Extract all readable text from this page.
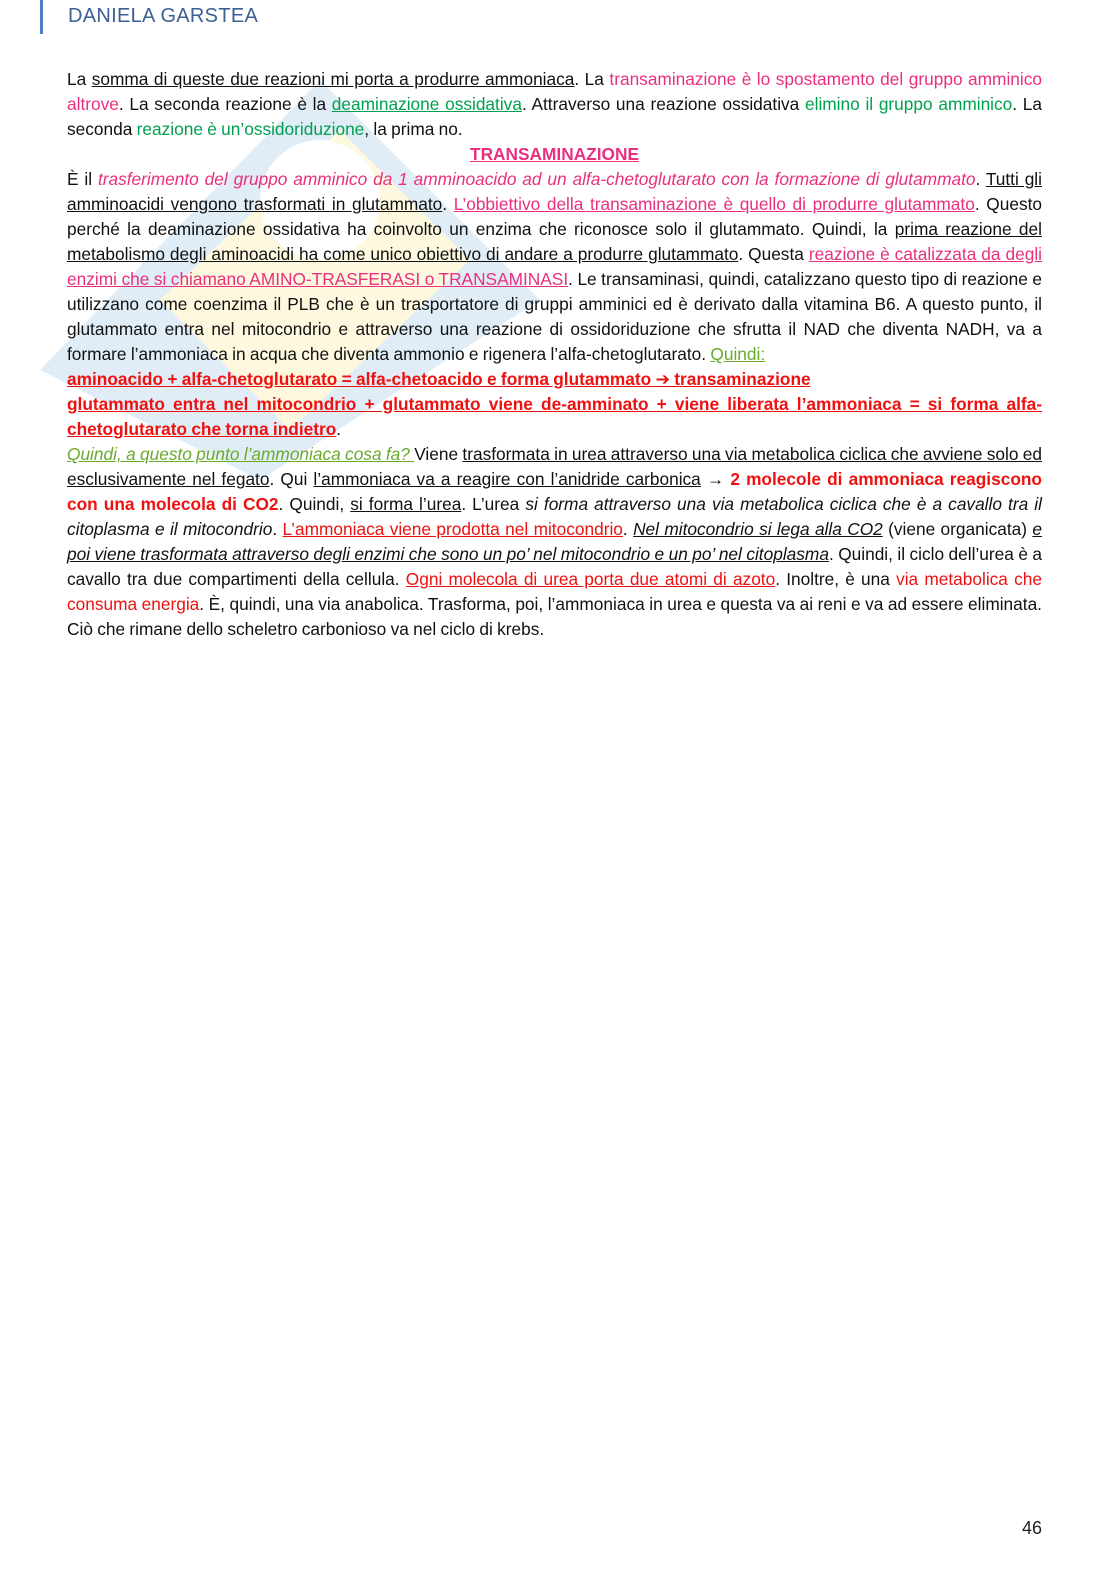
DANIELA GARSTEA

La somma di queste due reazioni mi porta a produrre ammoniaca. La transaminazione è lo spostamento del gruppo amminico altrove. La seconda reazione è la deaminazione ossidativa. Attraverso una reazione ossidativa elimino il gruppo amminico. La seconda reazione è un’ossidoriduzione, la prima no.

TRANSAMINAZIONE

È il trasferimento del gruppo amminico da 1 amminoacido ad un alfa-chetoglutarato con la formazione di glutammato. Tutti gli amminoacidi vengono trasformati in glutammato. L’obbiettivo della transaminazione è quello di produrre glutammato. Questo perché la deaminazione ossidativa ha coinvolto un enzima che riconosce solo il glutammato. Quindi, la prima reazione del metabolismo degli aminoacidi ha come unico obiettivo di andare a produrre glutammato. Questa reazione è catalizzata da degli enzimi che si chiamano AMINO-TRASFERASI o TRANSAMINASI. Le transaminasi, quindi, catalizzano questo tipo di reazione e utilizzano come coenzima il PLB che è un trasportatore di gruppi amminici ed è derivato dalla vitamina B6. A questo punto, il glutammato entra nel mitocondrio e attraverso una reazione di ossidoriduzione che sfrutta il NAD che diventa NADH, va a formare l’ammoniaca in acqua che diventa ammonio e rigenera l’alfa-chetoglutarato. Quindi:

aminoacido + alfa-chetoglutarato = alfa-chetoacido e forma glutammato ➔ transaminazione

glutammato entra nel mitocondrio + glutammato viene de-amminato + viene liberata l’ammoniaca = si forma alfa-chetoglutarato che torna indietro.

Quindi, a questo punto l’ammoniaca cosa fa? Viene trasformata in urea attraverso una via metabolica ciclica che avviene solo ed esclusivamente nel fegato. Qui l’ammoniaca va a reagire con l’anidride carbonica → 2 molecole di ammoniaca reagiscono con una molecola di CO2. Quindi, si forma l’urea. L’urea si forma attraverso una via metabolica ciclica che è a cavallo tra il citoplasma e il mitocondrio. L’ammoniaca viene prodotta nel mitocondrio. Nel mitocondrio si lega alla CO2 (viene organicata) e poi viene trasformata attraverso degli enzimi che sono un po’ nel mitocondrio e un po’ nel citoplasma. Quindi, il ciclo dell’urea è a cavallo tra due compartimenti della cellula. Ogni molecola di urea porta due atomi di azoto. Inoltre, è una via metabolica che consuma energia. È, quindi, una via anabolica. Trasforma, poi, l’ammoniaca in urea e questa va ai reni e va ad essere eliminata. Ciò che rimane dello scheletro carbonioso va nel ciclo di krebs.

46
